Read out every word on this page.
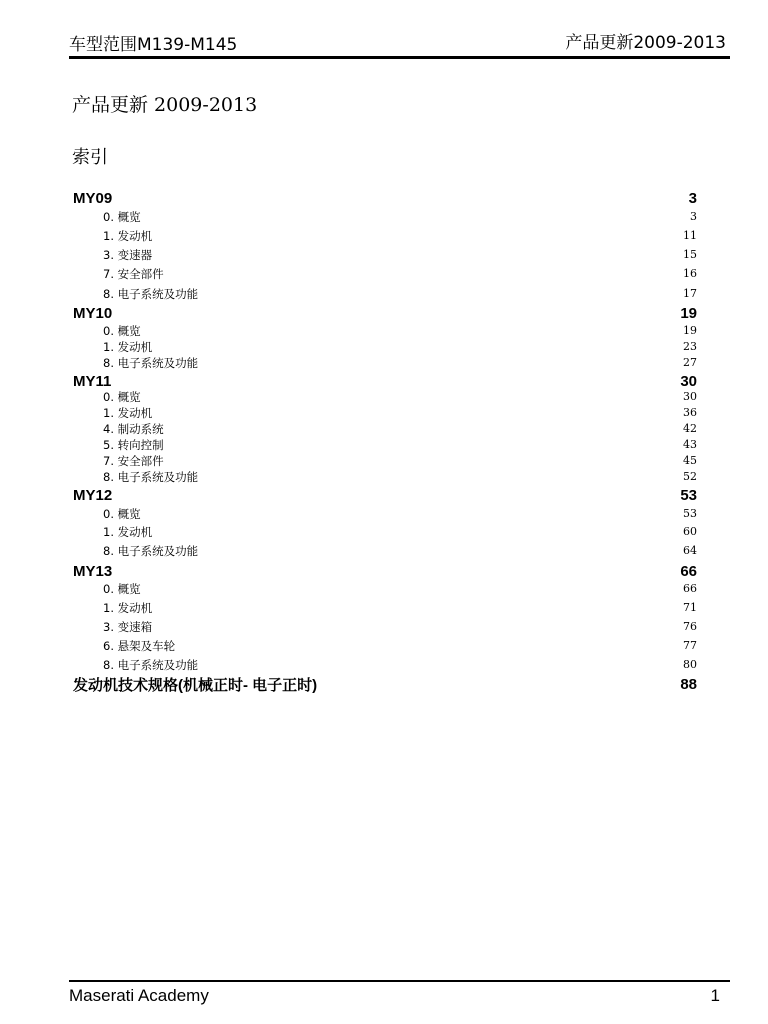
车型范围M139-M145	产品更新2009-2013
产品更新 2009-2013
索引
MY09	3
0. 概览	3
1. 发动机	11
3. 变速器	15
7. 安全部件	16
8. 电子系统及功能	17
MY10	19
0. 概览	19
1. 发动机	23
8. 电子系统及功能	27
MY11	30
0. 概览	30
1. 发动机	36
4. 制动系统	42
5. 转向控制	43
7. 安全部件	45
8. 电子系统及功能	52
MY12	53
0. 概览	53
1. 发动机	60
8. 电子系统及功能	64
MY13	66
0. 概览	66
1. 发动机	71
3. 变速箱	76
6. 悬架及车轮	77
8. 电子系统及功能	80
发动机技术规格(机械正时- 电子正时)	88
Maserati Academy	1
